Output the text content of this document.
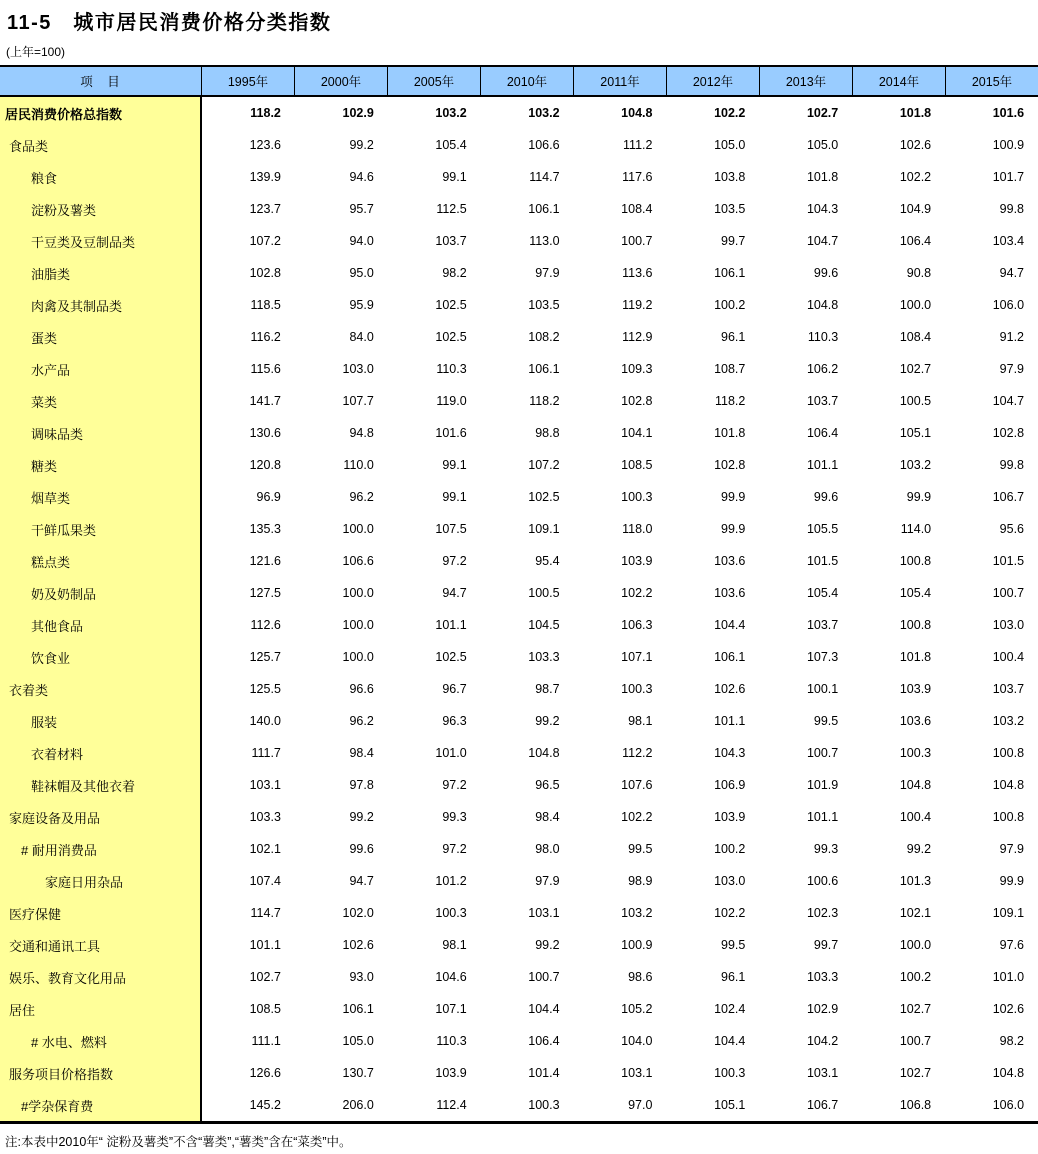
11-5　城市居民消费价格分类指数
(上年=100)
项　目	1995年	2000年	2005年	2010年	2011年	2012年	2013年	2014年	2015年
居民消费价格总指数	118.2	102.9	103.2	103.2	104.8	102.2	102.7	101.8	101.6
食品类	123.6	99.2	105.4	106.6	111.2	105.0	105.0	102.6	100.9
粮食	139.9	94.6	99.1	114.7	117.6	103.8	101.8	102.2	101.7
淀粉及薯类	123.7	95.7	112.5	106.1	108.4	103.5	104.3	104.9	99.8
干豆类及豆制品类	107.2	94.0	103.7	113.0	100.7	99.7	104.7	106.4	103.4
油脂类	102.8	95.0	98.2	97.9	113.6	106.1	99.6	90.8	94.7
肉禽及其制品类	118.5	95.9	102.5	103.5	119.2	100.2	104.8	100.0	106.0
蛋类	116.2	84.0	102.5	108.2	112.9	96.1	110.3	108.4	91.2
水产品	115.6	103.0	110.3	106.1	109.3	108.7	106.2	102.7	97.9
菜类	141.7	107.7	119.0	118.2	102.8	118.2	103.7	100.5	104.7
调味品类	130.6	94.8	101.6	98.8	104.1	101.8	106.4	105.1	102.8
糖类	120.8	110.0	99.1	107.2	108.5	102.8	101.1	103.2	99.8
烟草类	96.9	96.2	99.1	102.5	100.3	99.9	99.6	99.9	106.7
干鲜瓜果类	135.3	100.0	107.5	109.1	118.0	99.9	105.5	114.0	95.6
糕点类	121.6	106.6	97.2	95.4	103.9	103.6	101.5	100.8	101.5
奶及奶制品	127.5	100.0	94.7	100.5	102.2	103.6	105.4	105.4	100.7
其他食品	112.6	100.0	101.1	104.5	106.3	104.4	103.7	100.8	103.0
饮食业	125.7	100.0	102.5	103.3	107.1	106.1	107.3	101.8	100.4
衣着类	125.5	96.6	96.7	98.7	100.3	102.6	100.1	103.9	103.7
服装	140.0	96.2	96.3	99.2	98.1	101.1	99.5	103.6	103.2
衣着材料	111.7	98.4	101.0	104.8	112.2	104.3	100.7	100.3	100.8
鞋袜帽及其他衣着	103.1	97.8	97.2	96.5	107.6	106.9	101.9	104.8	104.8
家庭设备及用品	103.3	99.2	99.3	98.4	102.2	103.9	101.1	100.4	100.8
# 耐用消费品	102.1	99.6	97.2	98.0	99.5	100.2	99.3	99.2	97.9
家庭日用杂品	107.4	94.7	101.2	97.9	98.9	103.0	100.6	101.3	99.9
医疗保健	114.7	102.0	100.3	103.1	103.2	102.2	102.3	102.1	109.1
交通和通讯工具	101.1	102.6	98.1	99.2	100.9	99.5	99.7	100.0	97.6
娱乐、教育文化用品	102.7	93.0	104.6	100.7	98.6	96.1	103.3	100.2	101.0
居住	108.5	106.1	107.1	104.4	105.2	102.4	102.9	102.7	102.6
# 水电、燃料	111.1	105.0	110.3	106.4	104.0	104.4	104.2	100.7	98.2
服务项目价格指数	126.6	130.7	103.9	101.4	103.1	100.3	103.1	102.7	104.8
#学杂保育费	145.2	206.0	112.4	100.3	97.0	105.1	106.7	106.8	106.0
注:本表中2010年“ 淀粉及薯类”不含“薯类”,“薯类”含在“菜类”中。
